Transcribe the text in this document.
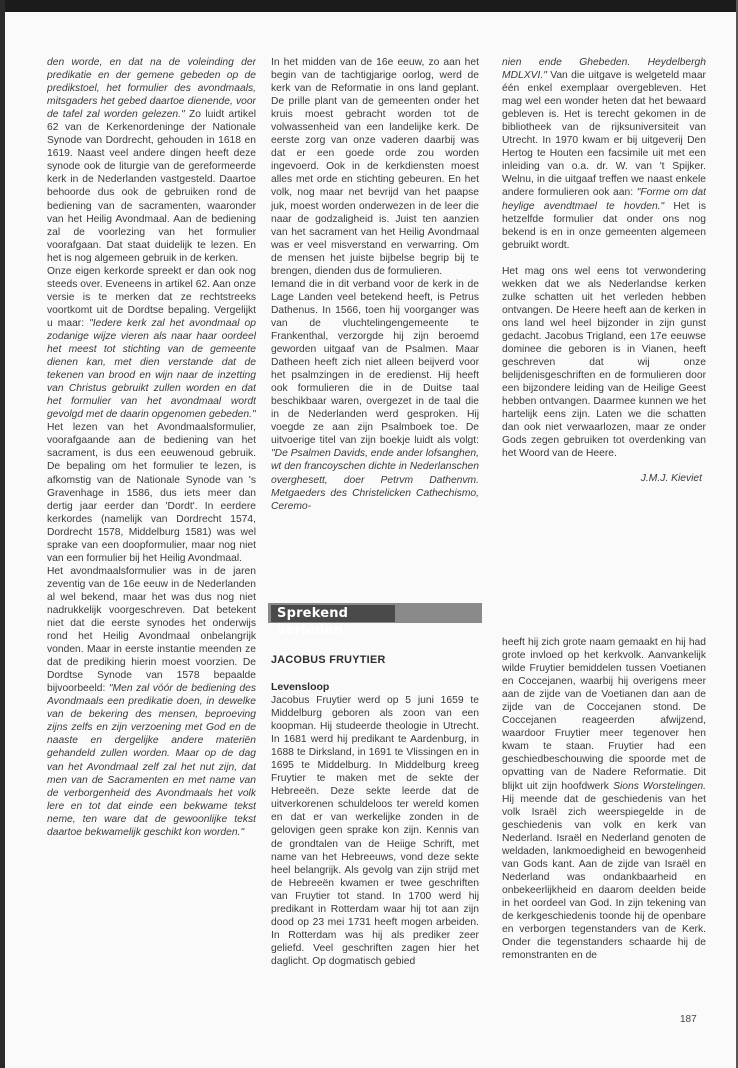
den worde, en dat na de voleinding der predikatie en der gemene gebeden op de predikstoel, het formulier des avondmaals, mitsgaders het gebed daartoe dienende, voor de tafel zal worden gelezen." Zo luidt artikel 62 van de Kerkenordeninge der Nationale Synode van Dordrecht, gehouden in 1618 en 1619. Naast veel andere dingen heeft deze synode ook de liturgie van de gereformeerde kerk in de Nederlanden vastgesteld. Daartoe behoorde dus ook de gebruiken rond de bediening van de sacramenten, waaronder van het Heilig Avondmaal. Aan de bediening zal de voorlezing van het formulier voorafgaan. Dat staat duidelijk te lezen. En het is nog algemeen gebruik in de kerken.

Onze eigen kerkorde spreekt er dan ook nog steeds over. Eveneens in artikel 62. Aan onze versie is te merken dat ze rechtstreeks voortkomt uit de Dordtse bepaling. Vergelijkt u maar: "Iedere kerk zal het avondmaal op zodanige wijze vieren als naar haar oordeel het meest tot stichting van de gemeente dienen kan, met dien verstande dat de tekenen van brood en wijn naar de inzetting van Christus gebruikt zullen worden en dat het formulier van het avondmaal wordt gevolgd met de daarin opgenomen gebeden."

Het lezen van het Avondmaalsformulier, voorafgaande aan de bediening van het sacrament, is dus een eeuwenoud gebruik. De bepaling om het formulier te lezen, is afkomstig van de Nationale Synode van 's Gravenhage in 1586, dus iets meer dan dertig jaar eerder dan 'Dordt'. In eerdere kerkordes (namelijk van Dordrecht 1574, Dordrecht 1578, Middelburg 1581) was wel sprake van een doopformulier, maar nog niet van een formulier bij het Heilig Avondmaal.

Het avondmaalsformulier was in de jaren zeventig van de 16e eeuw in de Nederlanden al wel bekend, maar het was dus nog niet nadrukkelijk voorgeschreven. Dat betekent niet dat die eerste synodes het onderwijs rond het Heilig Avondmaal onbelangrijk vonden. Maar in eerste instantie meenden ze dat de prediking hierin moest voorzien. De Dordtse Synode van 1578 bepaalde bijvoorbeeld: "Men zal vóór de bediening des Avondmaals een predikatie doen, in dewelke van de bekering des mensen, beproeving zijns zelfs en zijn verzoening met God en de naaste en dergelijke andere materiën gehandeld zullen worden. Maar op de dag van het Avondmaal zelf zal het nut zijn, dat men van de Sacramenten en met name van de verborgenheid des Avondmaals het volk lere en tot dat einde een bekwame tekst neme, ten ware dat de gewoonlijke tekst daartoe bekwamelijk geschikt kon worden."

In het midden van de 16e eeuw, zo aan het begin van de tachtigjarige oorlog, werd de kerk van de Reformatie in ons land geplant. De prille plant van de gemeenten onder het kruis moest gebracht worden tot de volwassenheid van een landelijke kerk. De eerste zorg van onze vaderen daarbij was dat er een goede orde zou worden ingevoerd. Ook in de kerkdiensten moest alles met orde en stichting gebeuren. En het volk, nog maar net bevrijd van het paapse juk, moest worden onderwezen in de leer die naar de godzaligheid is. Juist ten aanzien van het sacrament van het Heilig Avondmaal was er veel misverstand en verwarring. Om de mensen het juiste bijbelse begrip bij te brengen, dienden dus de formulieren.

Iemand die in dit verband voor de kerk in de Lage Landen veel betekend heeft, is Petrus Dathenus. In 1566, toen hij voorganger was van de vluchtelingengemeente te Frankenthal, verzorgde hij zijn beroemd geworden uitgaaf van de Psalmen. Maar Datheen heeft zich niet alleen beijverd voor het psalmzingen in de eredienst. Hij heeft ook formulieren die in de Duitse taal beschikbaar waren, overgezet in de taal die in de Nederlanden werd gesproken. Hij voegde ze aan zijn Psalmboek toe. De uitvoerige titel van zijn boekje luidt als volgt: "De Psalmen Davids, ende ander lofsanghen, wt den francoyschen dichte in Nederlanschen overghesett, doer Petrvm Dathenvm. Metgaeders des Christelicken Cathechismo, Ceremo-

nien ende Ghebeden. Heydelbergh MDLXVI." Van die uitgave is welgeteld maar één enkel exemplaar overgebleven. Het mag wel een wonder heten dat het bewaard gebleven is. Het is terecht gekomen in de bibliotheek van de rijksuniversiteit van Utrecht. In 1970 kwam er bij uitgeverij Den Hertog te Houten een facsimile uit met een inleiding van o.a. dr. W. van 't Spijker. Welnu, in die uitgaaf treffen we naast enkele andere formulieren ook aan: "Forme om dat heylige avendtmael te hovden." Het is hetzelfde formulier dat onder ons nog bekend is en in onze gemeenten algemeen gebruikt wordt.

Het mag ons wel eens tot verwondering wekken dat we als Nederlandse kerken zulke schatten uit het verleden hebben ontvangen. De Heere heeft aan de kerken in ons land wel heel bijzonder in zijn gunst gedacht. Jacobus Trigland, een 17e eeuwse dominee die geboren is in Vianen, heeft geschreven dat wij onze belijdenisgeschriften en de formulieren door een bijzondere leiding van de Heilige Geest hebben ontvangen. Daarmee kunnen we het hartelijk eens zijn. Laten we die schatten dan ook niet verwaarlozen, maar ze onder Gods zegen gebruiken tot overdenking van het Woord van de Heere.

J.M.J. Kieviet

Sprekend verleden
JACOBUS FRUYTIER
Levensloop

Jacobus Fruytier werd op 5 juni 1659 te Middelburg geboren als zoon van een koopman. Hij studeerde theologie in Utrecht. In 1681 werd hij predikant te Aardenburg, in 1688 te Dirksland, in 1691 te Vlissingen en in 1695 te Middelburg. In Middelburg kreeg Fruytier te maken met de sekte der Hebreeën. Deze sekte leerde dat de uitverkorenen schuldeloos ter wereld komen en dat er van werkelijke zonden in de gelovigen geen sprake kon zijn. Kennis van de grondtalen van de Heiige Schrift, met name van het Hebreeuws, vond deze sekte heel belangrijk. Als gevolg van zijn strijd met de Hebreeën kwamen er twee geschriften van Fruytier tot stand. In 1700 werd hij predikant in Rotterdam waar hij tot aan zijn dood op 23 mei 1731 heeft mogen arbeiden. In Rotterdam was hij als prediker zeer geliefd. Veel geschriften zagen hier het daglicht. Op dogmatisch gebied

heeft hij zich grote naam gemaakt en hij had grote invloed op het kerkvolk. Aanvankelijk wilde Fruytier bemiddelen tussen Voetianen en Coccejanen, waarbij hij overigens meer aan de zijde van de Voetianen dan aan de zijde van de Coccejanen stond. De Coccejanen reageerden afwijzend, waardoor Fruytier meer tegenover hen kwam te staan. Fruytier had een geschiedbeschouwing die spoorde met de opvatting van de Nadere Reformatie. Dit blijkt uit zijn hoofdwerk Sions Worstelingen. Hij meende dat de geschiedenis van het volk Israël zich weerspiegelde in de geschiedenis van volk en kerk van Nederland. Israël en Nederland genoten de weldaden, lankmoedigheid en bewogenheid van Gods kant. Aan de zijde van Israël en Nederland was ondankbaarheid en onbekeerlijkheid en daarom deelden beide in het oordeel van God. In zijn tekening van de kerkgeschiedenis toonde hij de openbare en verborgen tegenstanders van de Kerk. Onder die tegenstanders schaarde hij de remonstranten en de

187
